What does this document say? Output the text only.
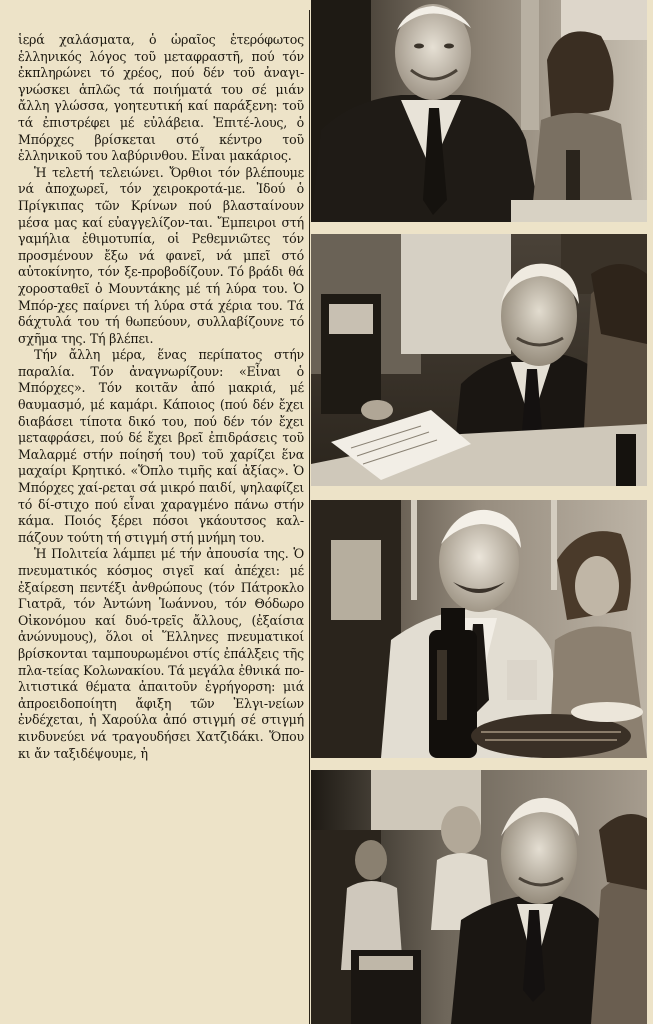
ἱερά χαλάσματα, ὁ ὡραῖος ἑτερόφωτος ἑλληνικός λόγος τοῦ μεταφραστῆ, πού τόν ἐκπληρώνει τό χρέος, πού δέν τοῦ ἀναγι-γνώσκει ἁπλῶς τά ποιήματά του σέ μιάν ἄλλη γλώσσα, γοητευτική καί παράξενη: τοῦ τά ἐπιστρέφει μέ εὐλάβεια. Ἐπιτέ-λους, ὁ Μπόρχες βρίσκεται στό κέντρο τοῦ ἑλληνικοῦ του λαβύρινθου. Εἶναι μακάριος.

Ἡ τελετή τελειώνει. Ὄρθιοι τόν βλέπουμε νά ἀποχωρεῖ, τόν χειροκροτά-με. Ἰδού ὁ Πρίγκιπας τῶν Κρίνων πού βλασταίνουν μέσα μας καί εὐαγγελίζον-ται. Ἔμπειροι στή γαμήλια ἐθιμοτυπία, οἱ Ρεθεμνιῶτες τόν προσμένουν ἔξω νά φανεῖ, νά μπεῖ στό αὐτοκίνητο, τόν ξε-προβοδίζουν. Τό βράδι θά χοροσταθεῖ ὁ Μουντάκης μέ τή λύρα του. Ὁ Μπόρ-χες παίρνει τή λύρα στά χέρια του. Τά δάχτυλά του τή θωπεύουν, συλλαβίζουνε τό σχῆμα της. Τή βλέπει.

Τήν ἄλλη μέρα, ἕνας περίπατος στήν παραλία. Τόν ἀναγνωρίζουν: «Εἶναι ὁ Μπόρχες». Τόν κοιτᾶν ἀπό μακριά, μέ θαυμασμό, μέ καμάρι. Κάποιος (πού δέν ἔχει διαβάσει τίποτα δικό του, πού δέν τόν ἔχει μεταφράσει, πού δέ ἔχει βρεῖ ἐπιδράσεις τοῦ Μαλαρμέ στήν ποίησή του) τοῦ χαρίζει ἕνα μαχαίρι Κρητικό. «Ὅπλο τιμῆς καί ἀξίας». Ὁ Μπόρχες χαί-ρεται σά μικρό παιδί, ψηλαφίζει τό δί-στιχο πού εἶναι χαραγμένο πάνω στήν κάμα. Ποιός ξέρει πόσοι γκάουτσος καλ-πάζουν τούτη τή στιγμή στή μνήμη του.

Ἡ Πολιτεία λάμπει μέ τήν ἀπουσία της. Ὁ πνευματικός κόσμος σιγεῖ καί ἀπέχει: μέ ἐξαίρεση πεντέξι ἀνθρώπους (τόν Πάτροκλο Γιατρᾶ, τόν Ἀντώνη Ἰωάννου, τόν Θόδωρο Οἰκονόμου καί δυό-τρεῖς ἄλλους, (ἐξαίσια ἀνώνυμους), ὅλοι οἱ Ἕλληνες πνευματικοί βρίσκονται ταμπουρωμένοι στίς ἐπάλξεις τῆς πλα-τείας Κολωνακίου. Τά μεγάλα ἐθνικά πο-λιτιστικά θέματα ἀπαιτοῦν ἐγρήγορση: μιά ἀπροειδοποίητη ἄφιξη τῶν Ἐλγι-νείων ἐνδέχεται, ἡ Χαρούλα ἀπό στιγμή σέ στιγμή κινδυνεύει νά τραγουδήσει Χατζιδάκι. Ὅπου κι ἄν ταξιδέψουμε, ἡ
